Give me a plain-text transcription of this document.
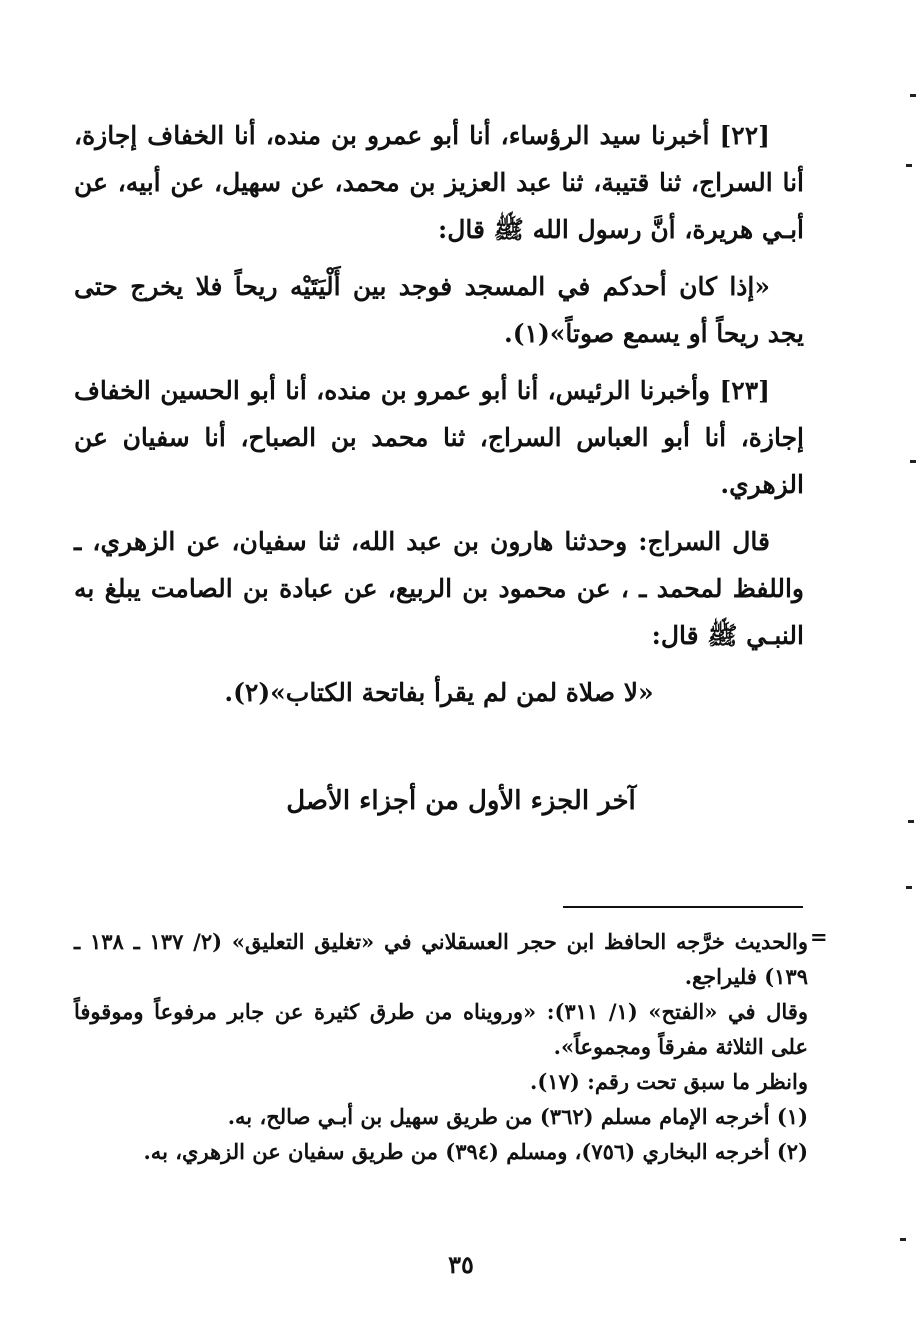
[٢٢] أخبرنا سيد الرؤساء، أنا أبو عمرو بن منده، أنا الخفاف إجازة، أنا السراج، ثنا قتيبة، ثنا عبد العزيز بن محمد، عن سهيل، عن أبيه، عن أبـي هريرة، أنَّ رسول الله ﷺ قال:

«إذا كان أحدكم في المسجد فوجد بين أَلْيَتَيْه ريحاً فلا يخرج حتى يجد ريحاً أو يسمع صوتاً»(١).

[٢٣] وأخبرنا الرئيس، أنا أبو عمرو بن منده، أنا أبو الحسين الخفاف إجازة، أنا أبو العباس السراج، ثنا محمد بن الصباح، أنا سفيان عن الزهري.

قال السراج: وحدثنا هارون بن عبد الله، ثنا سفيان، عن الزهري، ـ واللفظ لمحمد ـ ، عن محمود بن الربيع، عن عبادة بن الصامت يبلغ به النبـي ﷺ قال:

«لا صلاة لمن لم يقرأ بفاتحة الكتاب»(٢).

آخر الجزء الأول من أجزاء الأصل
=

والحديث خرَّجه الحافظ ابن حجر العسقلاني في «تغليق التعليق» (٢/ ١٣٧ ـ ١٣٨ ـ ١٣٩) فليراجع.

وقال في «الفتح» (١/ ٣١١): «ورويناه من طرق كثيرة عن جابر مرفوعاً وموقوفاً على الثلاثة مفرقاً ومجموعاً».

وانظر ما سبق تحت رقم: (١٧).

(١) أخرجه الإمام مسلم (٣٦٢) من طريق سهيل بن أبـي صالح، به.

(٢) أخرجه البخاري (٧٥٦)، ومسلم (٣٩٤) من طريق سفيان عن الزهري، به.

٣٥
